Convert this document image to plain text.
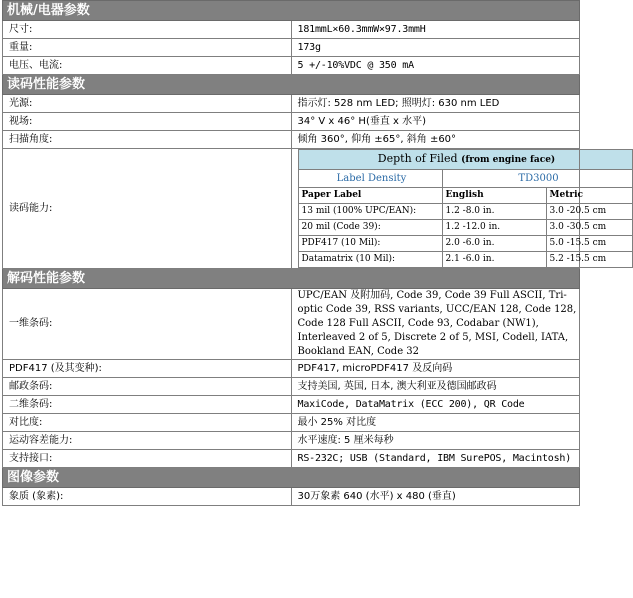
机械/电器参数
尺寸:	181mmL×60.3mmW×97.3mmH
重量:	173g
电压、电流:	5 +/-10%VDC @ 350 mA
读码性能参数
光源:	指示灯: 528 nm LED; 照明灯: 630 nm LED
视场:	34° V x 46° H(垂直 x 水平)
扫描角度:	倾角 360°, 仰角 ±65°, 斜角 ±60°
读码能力:	
Depth of Filed (from engine face)
Label Density	TD3000
Paper Label	English	Metric
13 mil (100% UPC/EAN):	1.2 -8.0 in.	3.0 -20.5 cm
20 mil (Code 39):	1.2 -12.0 in.	3.0 -30.5 cm
PDF417 (10 Mil):	2.0 -6.0 in.	5.0 -15.5 cm
Datamatrix (10 Mil):	2.1 -6.0 in.	5.2 -15.5 cm

解码性能参数
一维条码:	UPC/EAN 及附加码, Code 39, Code 39 Full ASCII, Tri-optic Code 39, RSS variants, UCC/EAN 128, Code 128, Code 128 Full ASCII, Code 93, Codabar (NW1), Interleaved 2 of 5, Discrete 2 of 5, MSI, Codell, IATA, Bookland EAN, Code 32
PDF417 (及其变种):	PDF417, microPDF417 及反向码
邮政条码:	支持美国, 英国, 日本, 澳大利亚及德国邮政码
二维条码:	MaxiCode, DataMatrix (ECC 200), QR Code
对比度:	最小 25% 对比度
运动容差能力:	水平速度: 5 厘米每秒
支持接口:	RS-232C; USB (Standard, IBM SurePOS, Macintosh)
图像参数
象质 (象素):	30万象素 640 (水平) x 480 (垂直)
